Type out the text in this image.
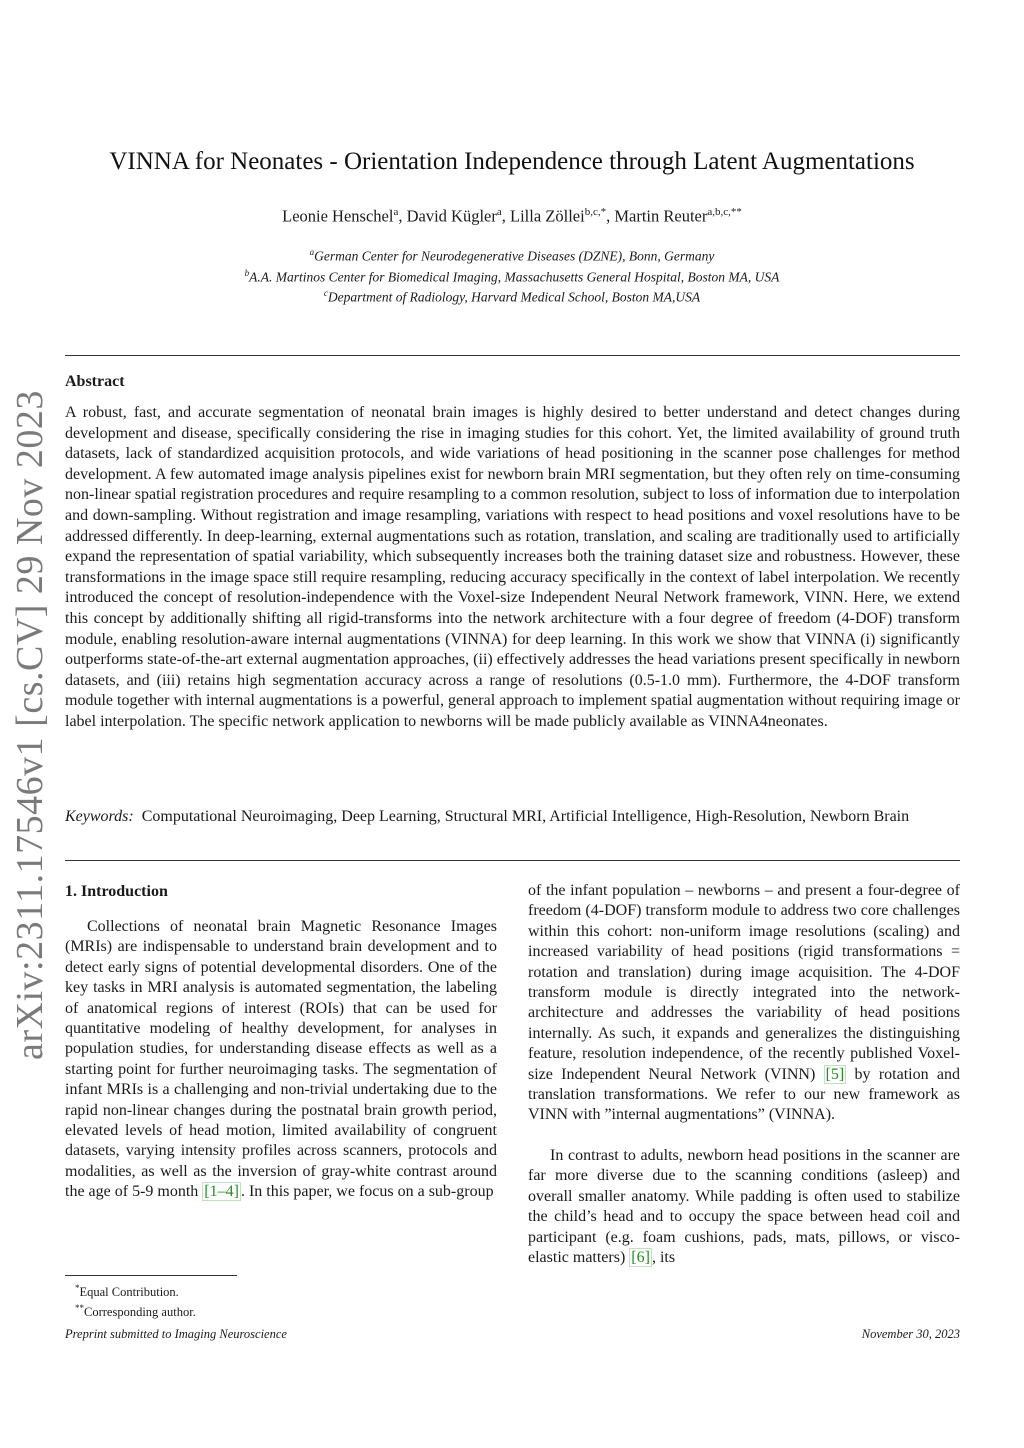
arXiv:2311.17546v1 [cs.CV] 29 Nov 2023
VINNA for Neonates - Orientation Independence through Latent Augmentations
Leonie Henschel$^a$, David Kügler$^a$, Lilla Zöllei$^{b,c,*}$, Martin Reuter$^{a,b,c,**}$
$^a$German Center for Neurodegenerative Diseases (DZNE), Bonn, Germany
$^b$A.A. Martinos Center for Biomedical Imaging, Massachusetts General Hospital, Boston MA, USA
$^c$Department of Radiology, Harvard Medical School, Boston MA,USA
Abstract
A robust, fast, and accurate segmentation of neonatal brain images is highly desired to better understand and detect changes during development and disease, specifically considering the rise in imaging studies for this cohort. Yet, the limited availability of ground truth datasets, lack of standardized acquisition protocols, and wide variations of head positioning in the scanner pose challenges for method development. A few automated image analysis pipelines exist for newborn brain MRI segmentation, but they often rely on time-consuming non-linear spatial registration procedures and require resampling to a common resolution, subject to loss of information due to interpolation and down-sampling. Without registration and image resampling, variations with respect to head positions and voxel resolutions have to be addressed differently. In deep-learning, external augmentations such as rotation, translation, and scaling are traditionally used to artificially expand the representation of spatial variability, which subsequently increases both the training dataset size and robustness. However, these transformations in the image space still require resampling, reducing accuracy specifically in the context of label interpolation. We recently introduced the concept of resolution-independence with the Voxel-size Independent Neural Network framework, VINN. Here, we extend this concept by additionally shifting all rigid-transforms into the network architecture with a four degree of freedom (4-DOF) transform module, enabling resolution-aware internal augmentations (VINNA) for deep learning. In this work we show that VINNA (i) significantly outperforms state-of-the-art external augmentation approaches, (ii) effectively addresses the head variations present specifically in newborn datasets, and (iii) retains high segmentation accuracy across a range of resolutions (0.5-1.0 mm). Furthermore, the 4-DOF transform module together with internal augmentations is a powerful, general approach to implement spatial augmentation without requiring image or label interpolation. The specific network application to newborns will be made publicly available as VINNA4neonates.
Keywords: Computational Neuroimaging, Deep Learning, Structural MRI, Artificial Intelligence, High-Resolution, Newborn Brain
1. Introduction

Collections of neonatal brain Magnetic Resonance Images (MRIs) are indispensable to understand brain development and to detect early signs of potential developmental disorders. One of the key tasks in MRI analysis is automated segmentation, the labeling of anatomical regions of interest (ROIs) that can be used for quantitative modeling of healthy development, for analyses in population studies, for understanding disease effects as well as a starting point for further neuroimaging tasks. The segmentation of infant MRIs is a challenging and non-trivial undertaking due to the rapid non-linear changes during the postnatal brain growth period, elevated levels of head motion, limited availability of congruent datasets, varying intensity profiles across scanners, protocols and modalities, as well as the inversion of gray-white contrast around the age of 5-9 month [1–4] . In this paper, we focus on a sub-group

of the infant population – newborns – and present a four-degree of freedom (4-DOF) transform module to address two core challenges within this cohort: non-uniform image resolutions (scaling) and increased variability of head positions (rigid transformations = rotation and translation) during image acquisition. The 4-DOF transform module is directly integrated into the network-architecture and addresses the variability of head positions internally. As such, it expands and generalizes the distinguishing feature, resolution independence, of the recently published Voxel-size Independent Neural Network (VINN) [5] by rotation and translation transformations. We refer to our new framework as VINN with ”internal augmentations” (VINNA).

In contrast to adults, newborn head positions in the scanner are far more diverse due to the scanning conditions (asleep) and overall smaller anatomy. While padding is often used to stabilize the child’s head and to occupy the space between head coil and participant (e.g. foam cushions, pads, mats, pillows, or visco-elastic matters) [6] , its

*Equal Contribution.
**Corresponding author.
Preprint submitted to Imaging Neuroscience	November 30, 2023
